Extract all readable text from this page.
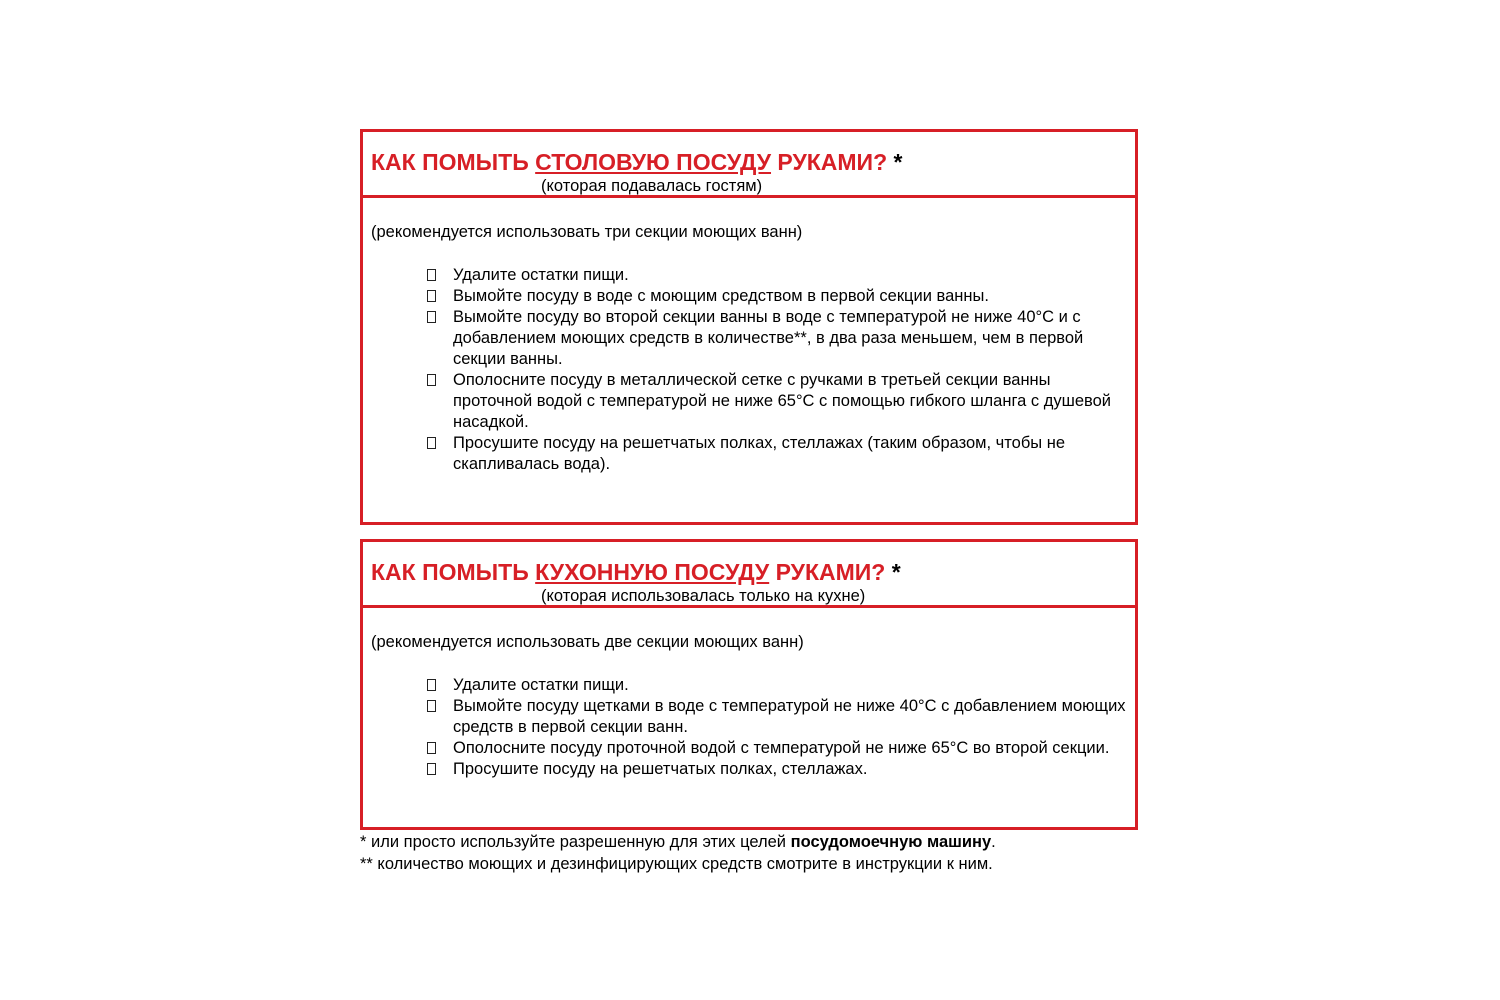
КАК ПОМЫТЬ СТОЛОВУЮ ПОСУДУ РУКАМИ? *
(которая подавалась гостям)
(рекомендуется использовать три секции моющих ванн)
Удалите остатки пищи.
Вымойте посуду в воде с моющим средством в первой секции ванны.
Вымойте посуду во второй секции ванны в воде с температурой не ниже 40°С и с добавлением моющих средств в количестве**, в два раза меньшем, чем в первой секции ванны.
Ополосните посуду в металлической сетке с ручками в третьей секции ванны проточной водой с температурой не ниже 65°С с помощью гибкого шланга с душевой насадкой.
Просушите посуду на решетчатых полках, стеллажах (таким образом, чтобы не скапливалась вода).
КАК ПОМЫТЬ КУХОННУЮ ПОСУДУ РУКАМИ? *
(которая использовалась только на кухне)
(рекомендуется использовать две секции моющих ванн)
Удалите остатки пищи.
Вымойте посуду щетками в воде с температурой не ниже 40°С с добавлением моющих средств в первой секции ванн.
Ополосните посуду проточной водой с температурой не ниже 65°С во второй секции.
Просушите посуду на решетчатых полках, стеллажах.
* или просто используйте разрешенную для этих целей посудомоечную машину.
** количество моющих и дезинфицирующих средств смотрите в инструкции к ним.
